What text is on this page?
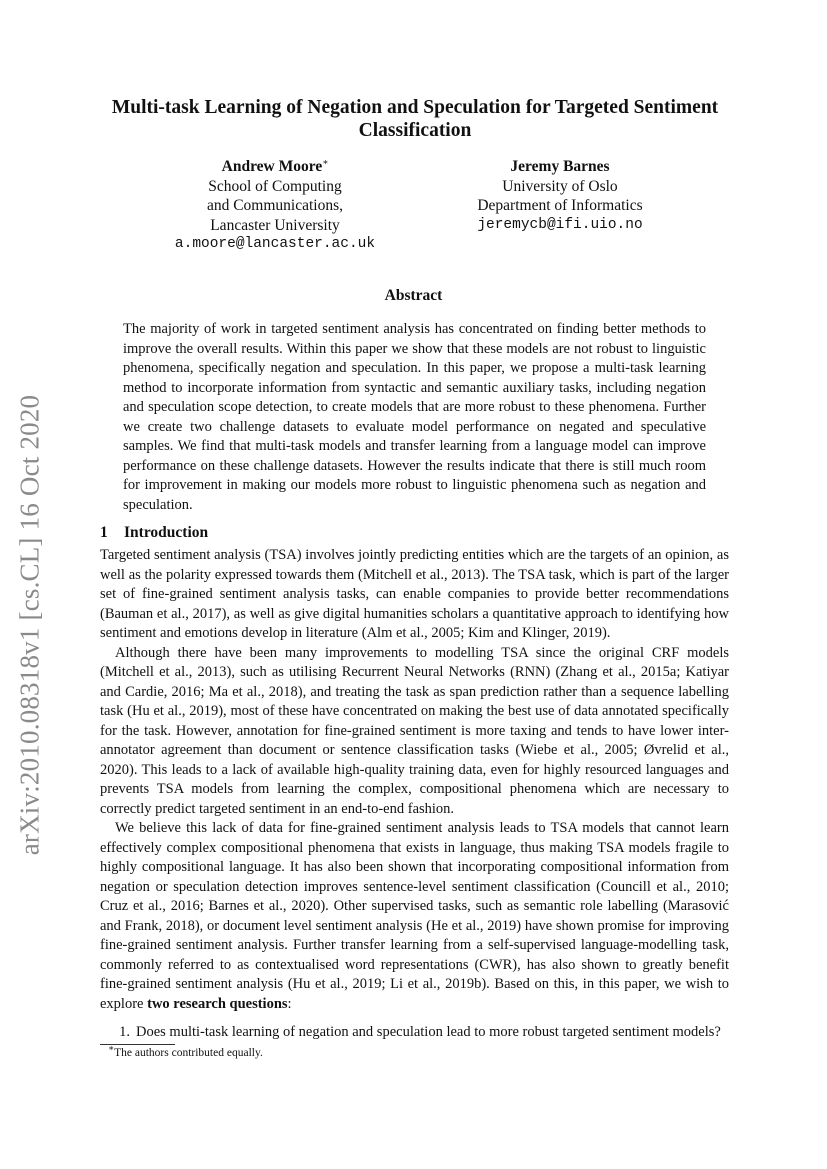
arXiv:2010.08318v1 [cs.CL] 16 Oct 2020
Multi-task Learning of Negation and Speculation for Targeted Sentiment Classification
Andrew Moore∗
School of Computing
and Communications,
Lancaster University
a.moore@lancaster.ac.uk
Jeremy Barnes
University of Oslo
Department of Informatics
jeremycb@ifi.uio.no
Abstract

The majority of work in targeted sentiment analysis has concentrated on finding better methods to improve the overall results. Within this paper we show that these models are not robust to linguistic phenomena, specifically negation and speculation. In this paper, we propose a multi-task learning method to incorporate information from syntactic and semantic auxiliary tasks, including negation and speculation scope detection, to create models that are more robust to these phenomena. Further we create two challenge datasets to evaluate model performance on negated and speculative samples. We find that multi-task models and transfer learning from a language model can improve performance on these challenge datasets. However the results indicate that there is still much room for improvement in making our models more robust to linguistic phenomena such as negation and speculation.

1 Introduction

Targeted sentiment analysis (TSA) involves jointly predicting entities which are the targets of an opinion, as well as the polarity expressed towards them (Mitchell et al., 2013). The TSA task, which is part of the larger set of fine-grained sentiment analysis tasks, can enable companies to provide better recommendations (Bauman et al., 2017), as well as give digital humanities scholars a quantitative approach to identifying how sentiment and emotions develop in literature (Alm et al., 2005; Kim and Klinger, 2019).

Although there have been many improvements to modelling TSA since the original CRF models (Mitchell et al., 2013), such as utilising Recurrent Neural Networks (RNN) (Zhang et al., 2015a; Katiyar and Cardie, 2016; Ma et al., 2018), and treating the task as span prediction rather than a sequence labelling task (Hu et al., 2019), most of these have concentrated on making the best use of data annotated specifically for the task. However, annotation for fine-grained sentiment is more taxing and tends to have lower inter-annotator agreement than document or sentence classification tasks (Wiebe et al., 2005; Øvrelid et al., 2020). This leads to a lack of available high-quality training data, even for highly resourced languages and prevents TSA models from learning the complex, compositional phenomena which are necessary to correctly predict targeted sentiment in an end-to-end fashion.

We believe this lack of data for fine-grained sentiment analysis leads to TSA models that cannot learn effectively complex compositional phenomena that exists in language, thus making TSA models fragile to highly compositional language. It has also been shown that incorporating compositional information from negation or speculation detection improves sentence-level sentiment classification (Councill et al., 2010; Cruz et al., 2016; Barnes et al., 2020). Other supervised tasks, such as semantic role labelling (Marasović and Frank, 2018), or document level sentiment analysis (He et al., 2019) have shown promise for improving fine-grained sentiment analysis. Further transfer learning from a self-supervised language-modelling task, commonly referred to as contextualised word representations (CWR), has also shown to greatly benefit fine-grained sentiment analysis (Hu et al., 2019; Li et al., 2019b). Based on this, in this paper, we wish to explore two research questions:

1. Does multi-task learning of negation and speculation lead to more robust targeted sentiment models?
∗The authors contributed equally.
